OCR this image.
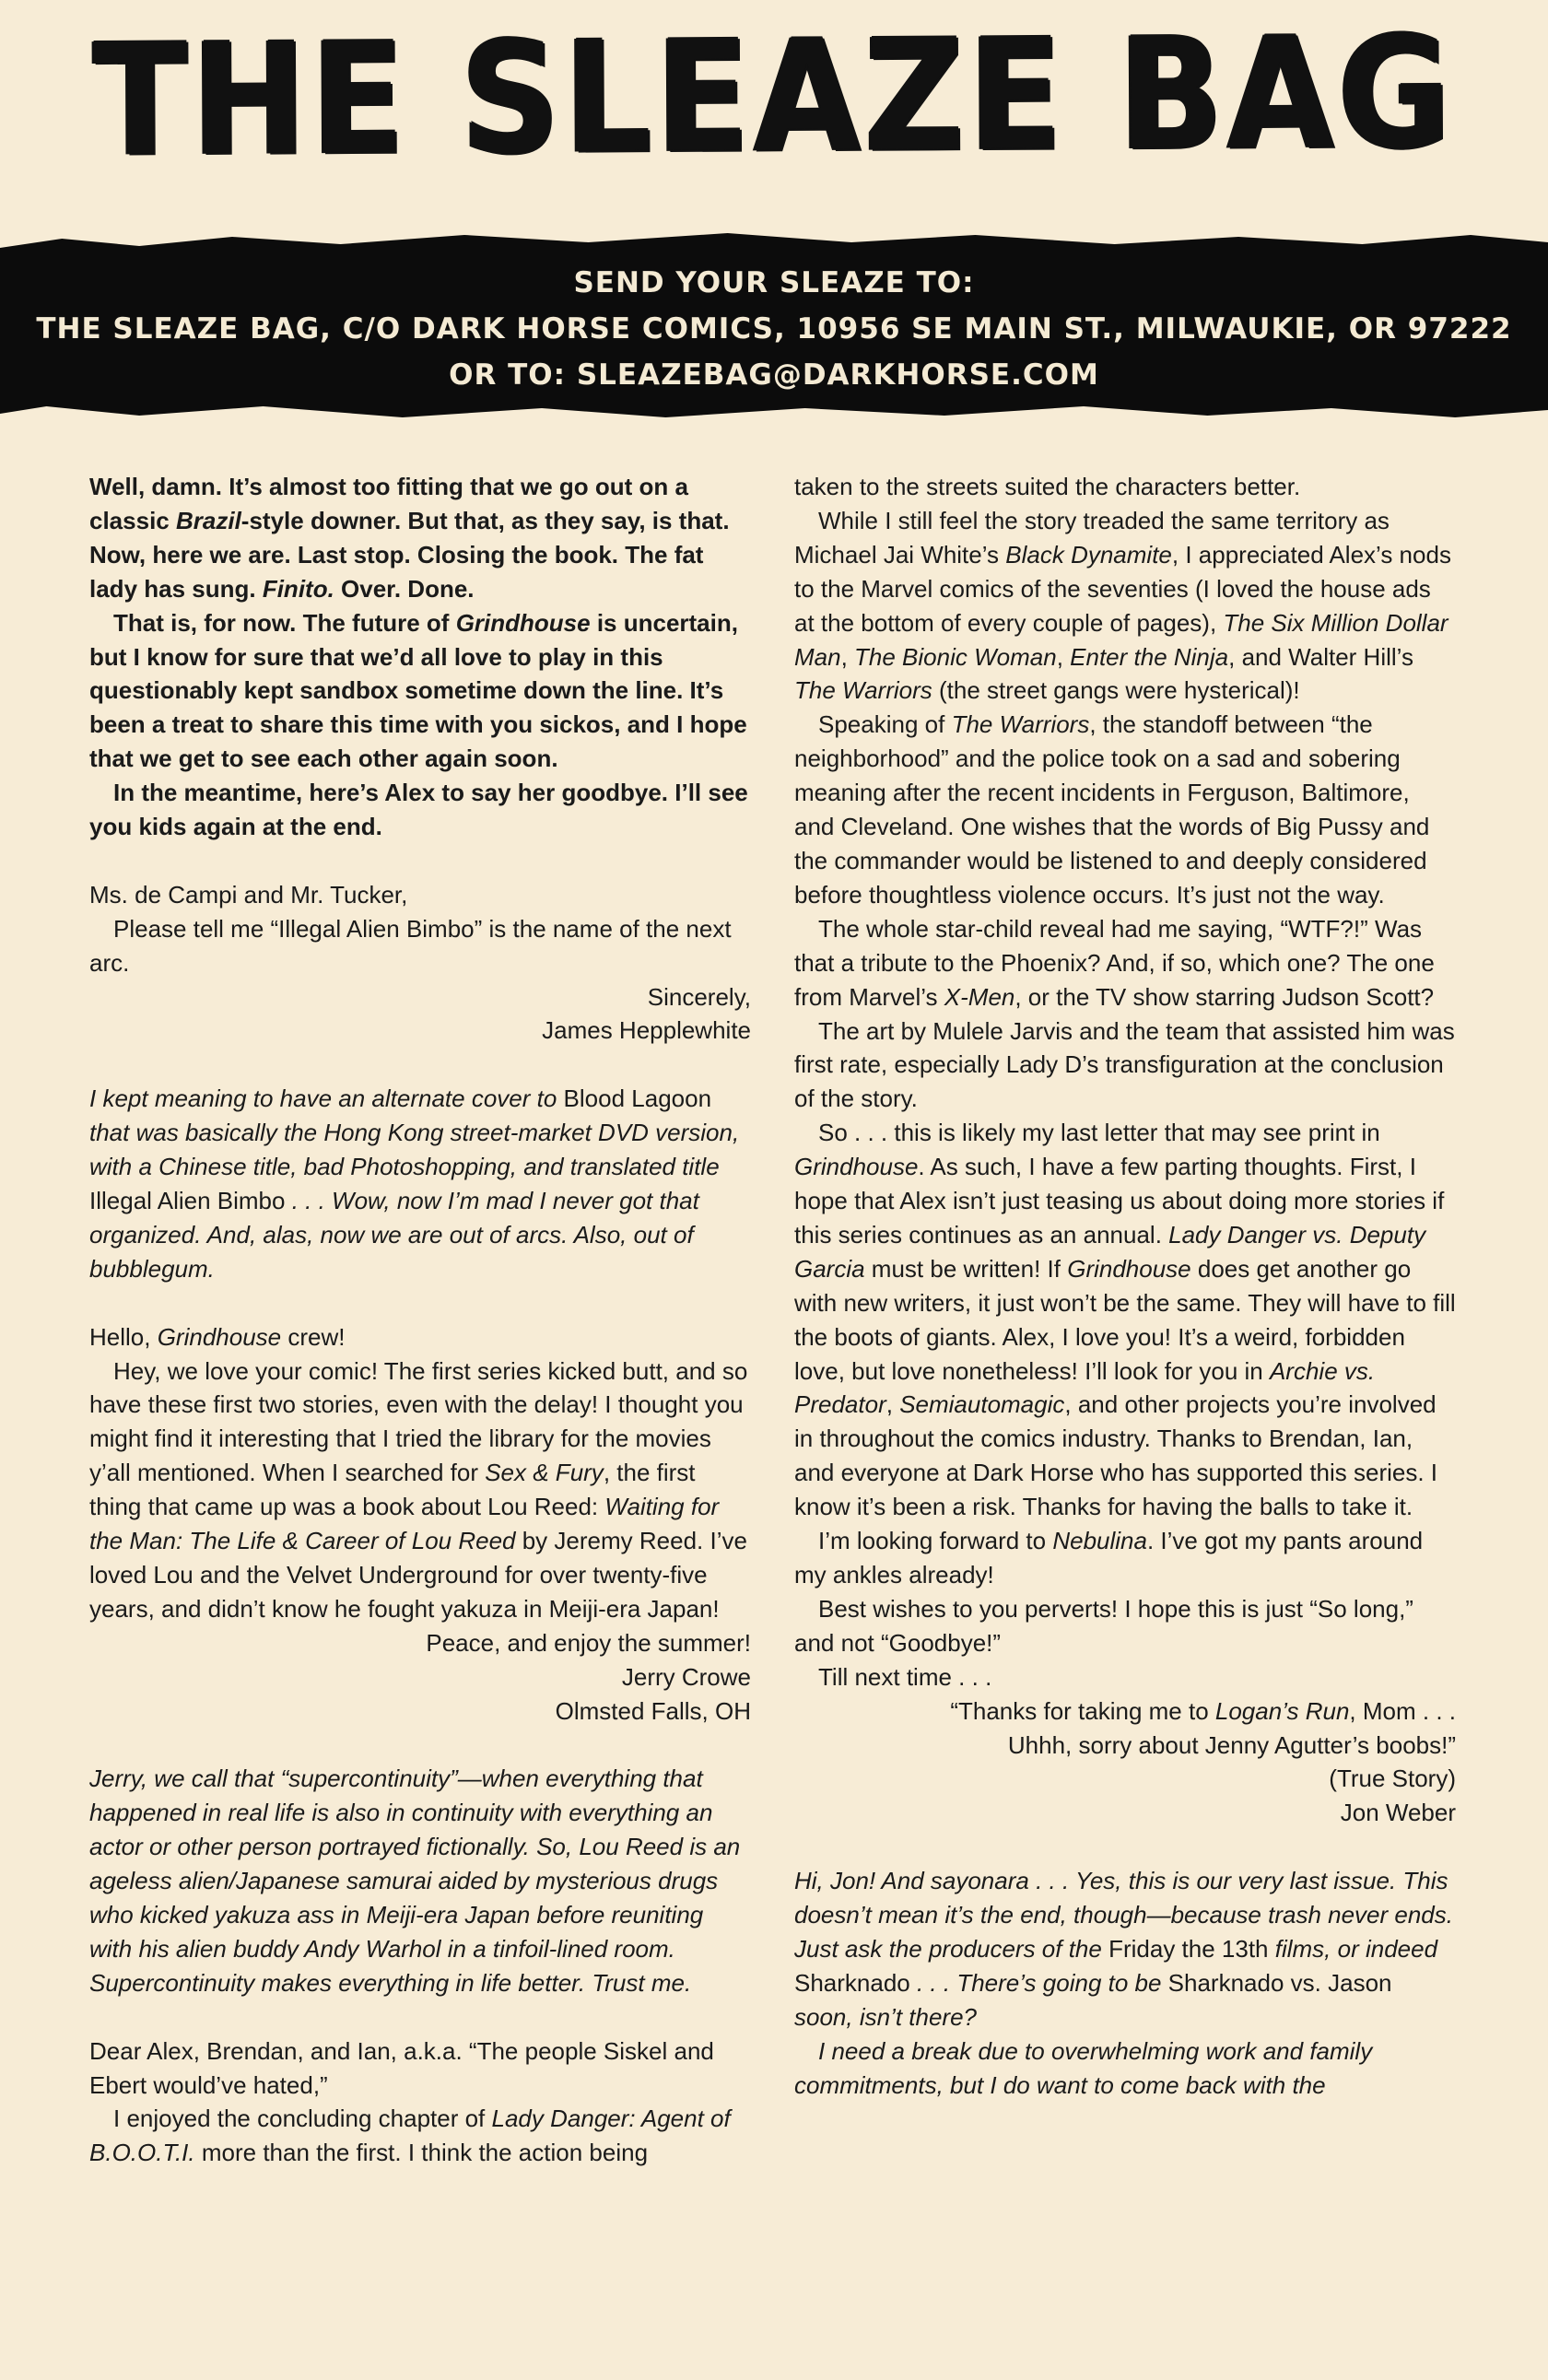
THE SLEAZE BAG
SEND YOUR SLEAZE TO:
THE SLEAZE BAG, C/O DARK HORSE COMICS, 10956 SE MAIN ST., MILWAUKIE, OR 97222
OR TO: SLEAZEBAG@DARKHORSE.COM

Well, damn. It’s almost too fitting that we go out on a classic Brazil-style downer. But that, as they say, is that. Now, here we are. Last stop. Closing the book. The fat lady has sung. Finito. Over. Done.

That is, for now. The future of Grindhouse is uncertain, but I know for sure that we’d all love to play in this questionably kept sandbox sometime down the line. It’s been a treat to share this time with you sickos, and I hope that we get to see each other again soon.

In the meantime, here’s Alex to say her goodbye. I’ll see you kids again at the end.

Ms. de Campi and Mr. Tucker,

Please tell me “Illegal Alien Bimbo” is the name of the next arc.

Sincerely,

James Hepplewhite

I kept meaning to have an alternate cover to Blood Lagoon that was basically the Hong Kong street-market DVD version, with a Chinese title, bad Photoshopping, and translated title Illegal Alien Bimbo . . . Wow, now I’m mad I never got that organized. And, alas, now we are out of arcs. Also, out of bubblegum.

Hello, Grindhouse crew!

Hey, we love your comic! The first series kicked butt, and so have these first two stories, even with the delay! I thought you might find it interesting that I tried the library for the movies y’all mentioned. When I searched for Sex & Fury, the first thing that came up was a book about Lou Reed: Waiting for the Man: The Life & Career of Lou Reed by Jeremy Reed. I’ve loved Lou and the Velvet Underground for over twenty-five years, and didn’t know he fought yakuza in Meiji-era Japan!

Peace, and enjoy the summer!

Jerry Crowe

Olmsted Falls, OH

Jerry, we call that “supercontinuity”—when everything that happened in real life is also in continuity with everything an actor or other person portrayed fictionally. So, Lou Reed is an ageless alien/Japanese samurai aided by mysterious drugs who kicked yakuza ass in Meiji-era Japan before reuniting with his alien buddy Andy Warhol in a tinfoil-lined room. Supercontinuity makes everything in life better. Trust me.

Dear Alex, Brendan, and Ian, a.k.a. “The people Siskel and Ebert would’ve hated,”

I enjoyed the concluding chapter of Lady Danger: Agent of B.O.O.T.I. more than the first. I think the action being

taken to the streets suited the characters better.

While I still feel the story treaded the same territory as Michael Jai White’s Black Dynamite, I appreciated Alex’s nods to the Marvel comics of the seventies (I loved the house ads at the bottom of every couple of pages), The Six Million Dollar Man, The Bionic Woman, Enter the Ninja, and Walter Hill’s The Warriors (the street gangs were hysterical)!

Speaking of The Warriors, the standoff between “the neighborhood” and the police took on a sad and sobering meaning after the recent incidents in Ferguson, Baltimore, and Cleveland. One wishes that the words of Big Pussy and the commander would be listened to and deeply considered before thoughtless violence occurs. It’s just not the way.

The whole star-child reveal had me saying, “WTF?!” Was that a tribute to the Phoenix? And, if so, which one? The one from Marvel’s X-Men, or the TV show starring Judson Scott?

The art by Mulele Jarvis and the team that assisted him was first rate, especially Lady D’s transfiguration at the conclusion of the story.

So . . . this is likely my last letter that may see print in Grindhouse. As such, I have a few parting thoughts. First, I hope that Alex isn’t just teasing us about doing more stories if this series continues as an annual. Lady Danger vs. Deputy Garcia must be written! If Grindhouse does get another go with new writers, it just won’t be the same. They will have to fill the boots of giants. Alex, I love you! It’s a weird, forbidden love, but love nonetheless! I’ll look for you in Archie vs. Predator, Semiautomagic, and other projects you’re involved in throughout the comics industry. Thanks to Brendan, Ian, and everyone at Dark Horse who has supported this series. I know it’s been a risk. Thanks for having the balls to take it.

I’m looking forward to Nebulina. I’ve got my pants around my ankles already!

Best wishes to you perverts! I hope this is just “So long,” and not “Goodbye!”

Till next time . . .

“Thanks for taking me to Logan’s Run, Mom . . .

Uhhh, sorry about Jenny Agutter’s boobs!”

(True Story)

Jon Weber

Hi, Jon! And sayonara . . . Yes, this is our very last issue. This doesn’t mean it’s the end, though—because trash never ends. Just ask the producers of the Friday the 13th films, or indeed Sharknado . . . There’s going to be Sharknado vs. Jason soon, isn’t there?

I need a break due to overwhelming work and family commitments, but I do want to come back with the
